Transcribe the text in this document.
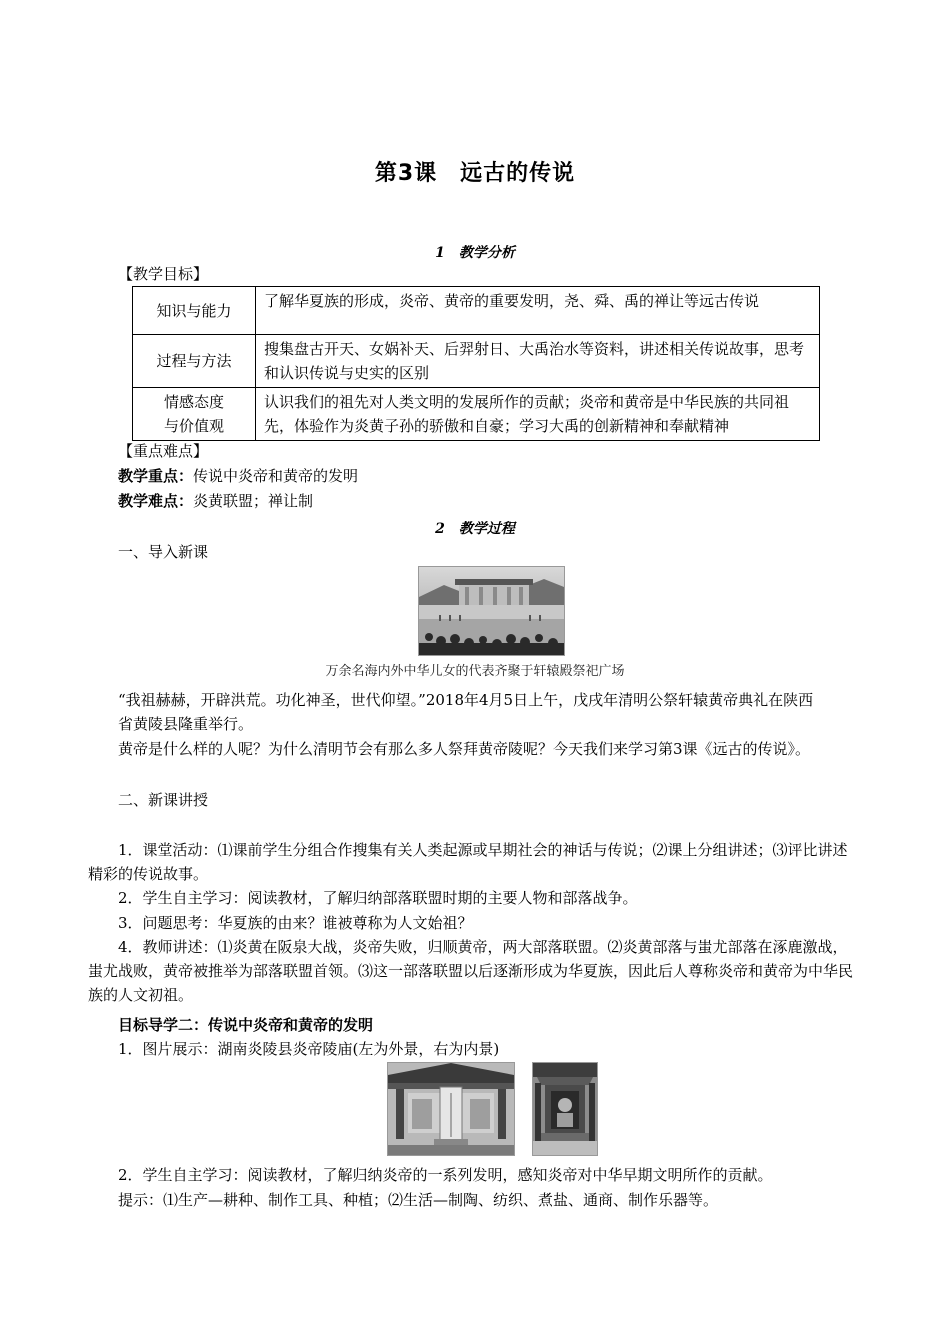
第3课　远古的传说
1　教学分析
【教学目标】
知识与能力	了解华夏族的形成，炎帝、黄帝的重要发明，尧、舜、禹的禅让等远古传说
过程与方法	搜集盘古开天、女娲补天、后羿射日、大禹治水等资料，讲述相关传说故事，思考和认识传说与史实的区别

情感态度
与价值观	认识我们的祖先对人类文明的发展所作的贡献；炎帝和黄帝是中华民族的共同祖先，体验作为炎黄子孙的骄傲和自豪；学习大禹的创新精神和奉献精神
【重点难点】
教学重点：传说中炎帝和黄帝的发明
教学难点：炎黄联盟；禅让制
2　教学过程
一、导入新课
万余名海内外中华儿女的代表齐聚于轩辕殿祭祀广场
“我祖赫赫，开辟洪荒。功化神圣，世代仰望。”2018年4月5日上午，戊戌年清明公祭轩辕黄帝典礼在陕西省黄陵县隆重举行。
黄帝是什么样的人呢？为什么清明节会有那么多人祭拜黄帝陵呢？今天我们来学习第3课《远古的传说》。
二、新课讲授
1．课堂活动：⑴课前学生分组合作搜集有关人类起源或早期社会的神话与传说；⑵课上分组讲述；⑶评比讲述精彩的传说故事。
2．学生自主学习：阅读教材，了解归纳部落联盟时期的主要人物和部落战争。
3．问题思考：华夏族的由来？谁被尊称为人文始祖？
4．教师讲述：⑴炎黄在阪泉大战，炎帝失败，归顺黄帝，两大部落联盟。⑵炎黄部落与蚩尤部落在涿鹿激战，蚩尤战败，黄帝被推举为部落联盟首领。⑶这一部落联盟以后逐渐形成为华夏族，因此后人尊称炎帝和黄帝为中华民族的人文初祖。
目标导学二：传说中炎帝和黄帝的发明
1．图片展示：湖南炎陵县炎帝陵庙(左为外景，右为内景)
2．学生自主学习：阅读教材，了解归纳炎帝的一系列发明，感知炎帝对中华早期文明所作的贡献。
提示：⑴生产—耕种、制作工具、种植；⑵生活—制陶、纺织、煮盐、通商、制作乐器等。
